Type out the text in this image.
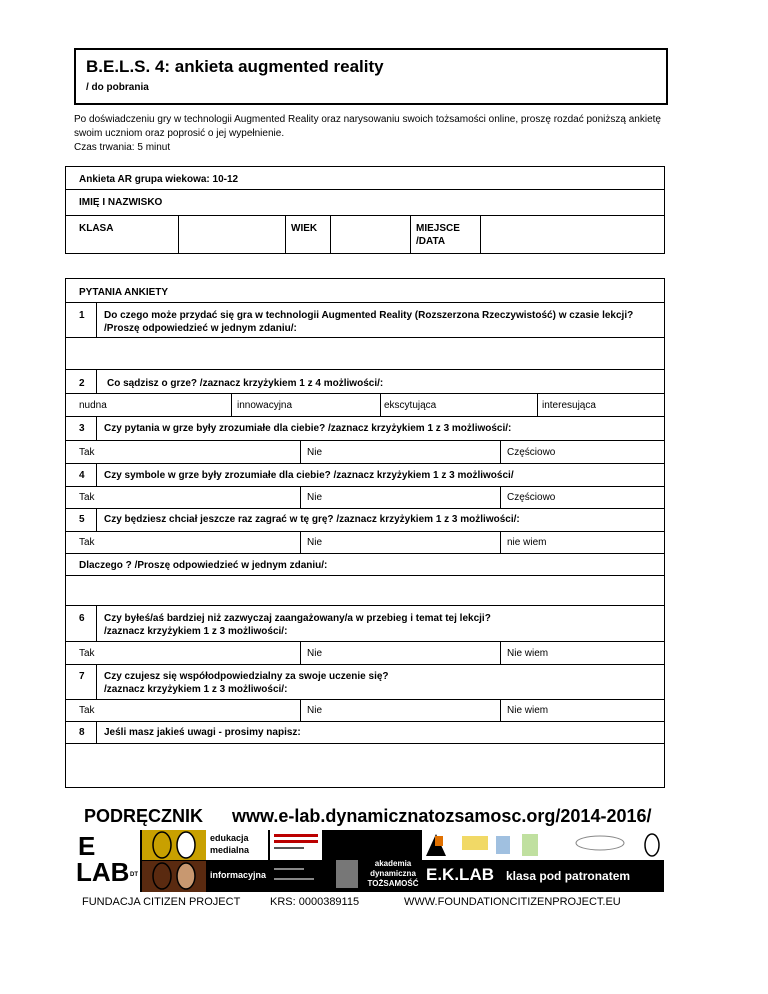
B.E.L.S. 4: ankieta augmented reality
/ do pobrania
Po doświadczeniu gry w technologii Augmented Reality oraz narysowaniu swoich tożsamości online, proszę rozdać poniższą ankietę
swoim uczniom oraz poprosić o jej wypełnienie.
Czas trwania: 5 minut
Ankieta AR grupa wiekowa: 10-12
IMIĘ I NAZWISKO
KLASA	WIEK	MIEJSCE
/DATA
PYTANIA ANKIETY
1 Do czego może przydać się gra w technologii Augmented Reality (Rozszerzona Rzeczywistość) w czasie lekcji?
/Proszę odpowiedzieć w jednym zdaniu/:
2 Co sądzisz o grze? /zaznacz krzyżykiem 1 z 4 możliwości/:
nudna	innowacyjna	ekscytująca	interesująca
3 Czy pytania w grze były zrozumiałe dla ciebie? /zaznacz krzyżykiem 1 z 3 możliwości/:
Tak	Nie	Częściowo
4 Czy symbole w grze były zrozumiałe dla ciebie? /zaznacz krzyżykiem 1 z 3 możliwości/
Tak	Nie	Częściowo
5 Czy będziesz chciał jeszcze raz zagrać w tę grę? /zaznacz krzyżykiem 1 z 3 możliwości/:
Tak	Nie	nie wiem
Dlaczego ? /Proszę odpowiedzieć w jednym zdaniu/:
6 Czy byłeś/aś bardziej niż zazwyczaj zaangażowany/a w przebieg i temat tej lekcji?
/zaznacz krzyżykiem 1 z 3 możliwości/:
Tak	Nie	Nie wiem
7 Czy czujesz się współodpowiedzialny za swoje uczenie się?
/zaznacz krzyżykiem 1 z 3 możliwości/:
Tak	Nie	Nie wiem
8 Jeśli masz jakieś uwagi - prosimy napisz:
PODRĘCZNIK www.e-lab.dynamicznatozsamosc.org/2014-2016/
E
LAB DT
edukacja
medialna
informacyjna
(adT)
akademia
dynamiczna
TOŻSAMOŚĆ E.K.LAB klasa pod patronatem
FUNDACJA CITIZEN PROJECT	KRS: 0000389115	WWW.FOUNDATIONCITIZENPROJECT.EU
